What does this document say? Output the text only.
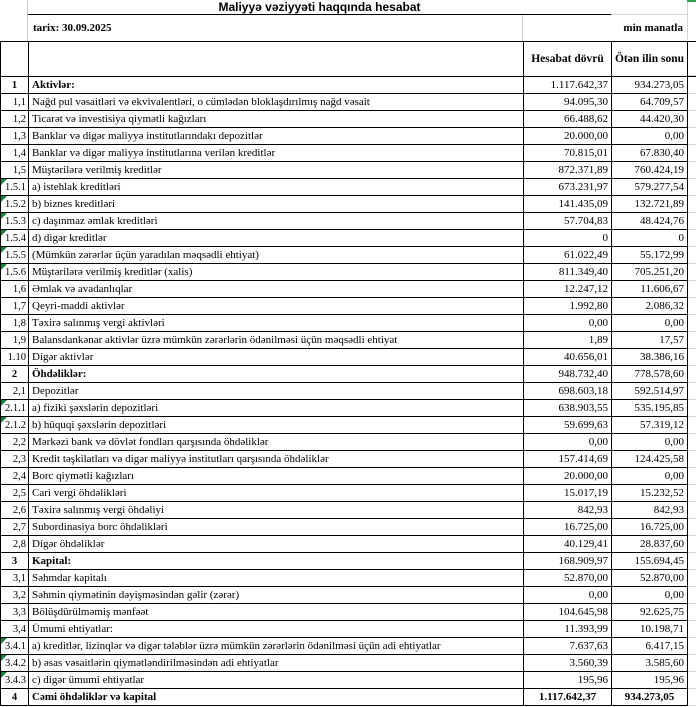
Maliyyə vəziyyəti haqqında hesabat
tarix: 30.09.2025	min manatla
Hesabat dövrü Ötən ilin sonu
1 Aktivlər:	1.117.642,37 934.273,05
1,1 Nağd pul vəsaitləri və ekvivalentləri, o cümlədən bloklaşdırılmış nağd vəsait	94.095,30	64.709,57
1,2 Ticarət və investisiya qiymətli kağızları	66.488,62	44.420,30
1,3 Banklar və digər maliyyə institutlarındakı depozitlər	20.000,00	0,00
1,4 Banklar və digər maliyyə institutlarına verilən kreditlər	70.815,01	67.830,40
1,5 Müştərilərə verilmiş kreditlər	872.371,89 760.424,19
1.5.1 a) istehlak kreditləri	673.231,97 579.277,54
1.5.2 b) biznes kreditləri	141.435,09 132.721,89
1.5.3 c) daşınmaz əmlak kreditləri	57.704,83	48.424,76
1.5.4 d) digər kreditlər	0	0
1.5.5 (Mümkün zərərlər üçün yaradılan məqsədli ehtiyat)	61.022,49	55.172,99
1.5.6 Müştərilərə verilmiş kreditlər (xalis)	811.349,40 705.251,20
1,6 Əmlak və avadanlıqlar	12.247,12	11.606,67
1,7 Qeyri-maddi aktivlər	1.992,80	2.086,32
1,8 Təxirə salınmış vergi aktivləri	0,00	0,00
1,9 Balansdankənar aktivlər üzrə mümkün zərərlərin ödənilməsi üçün məqsədli ehtiyat	1,89	17,57
1.10 Digər aktivlər	40.656,01	38.386,16
2 Öhdəliklər:	948.732,40 778.578,60
2,1 Depozitlər	698.603,18 592.514,97
2.1.1 a) fiziki şəxslərin depozitləri	638.903,55 535.195,85
2.1.2 b) hüquqi şəxslərin depozitləri	59.699,63	57.319,12
2,2 Mərkəzi bank və dövlət fondları qarşısında öhdəliklər	0,00	0,00
2,3 Kredit təşkilatları və digər maliyyə institutları qarşısında öhdəliklər	157.414,69 124.425,58
2,4 Borc qiymətli kağızları	20.000,00	0,00
2,5 Cari vergi öhdəlikləri	15.017,19	15.232,52
2,6 Təxirə salınmış vergi öhdəliyi	842,93	842,93
2,7 Subordinasiya borc öhdəlikləri	16.725,00	16.725,00
2,8 Digər öhdəliklər	40.129,41	28.837,60
3 Kapital:	168.909,97 155.694,45
3,1 Səhmdar kapitalı	52.870,00	52.870,00
3,2 Səhmin qiymətinin dəyişməsindən gəlir (zərər)	0,00	0,00
3,3 Bölüşdürülməmiş mənfəət	104.645,98	92.625,75
3,4 Ümumi ehtiyatlar:	11.393,99	10.198,71
3.4.1 a) kreditlər, lizinqlər və digər tələblər üzrə mümkün zərərlərin ödənilməsi üçün adi ehtiyatlar	7.637,63	6.417,15
3.4.2 b) əsas vəsaitlərin qiymətləndirilməsindən adi ehtiyatlar	3.560,39	3.585,60
3.4.3 c) digər ümumi ehtiyatlar	195,96	195,96
4 Cəmi öhdəliklər və kapital	1.117.642,37	934.273,05
